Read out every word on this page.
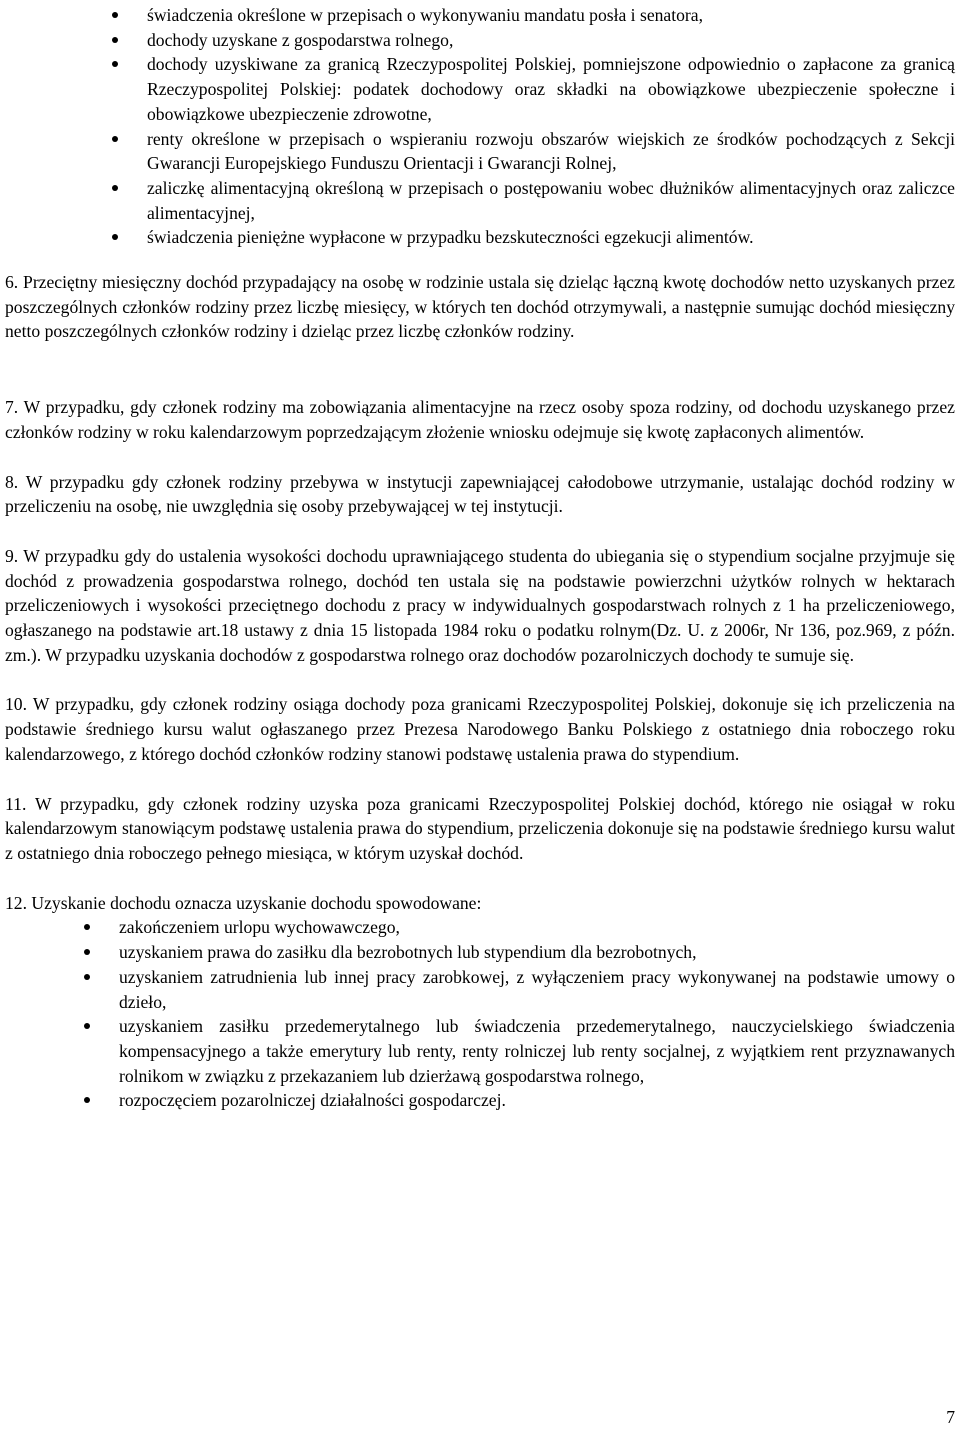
świadczenia określone w przepisach o wykonywaniu mandatu posła i senatora,
dochody uzyskane z gospodarstwa rolnego,
dochody uzyskiwane za granicą Rzeczypospolitej Polskiej, pomniejszone odpowiednio o zapłacone za granicą Rzeczypospolitej Polskiej: podatek dochodowy oraz składki na obowiązkowe ubezpieczenie społeczne i obowiązkowe ubezpieczenie zdrowotne,
renty określone w przepisach o wspieraniu rozwoju obszarów wiejskich ze środków pochodzących z Sekcji Gwarancji Europejskiego Funduszu Orientacji i Gwarancji Rolnej,
zaliczkę alimentacyjną określoną w przepisach o postępowaniu wobec dłużników alimentacyjnych oraz zaliczce alimentacyjnej,
świadczenia pieniężne wypłacone w przypadku bezskuteczności egzekucji alimentów.

6. Przeciętny miesięczny dochód przypadający na osobę w rodzinie ustala się dzieląc łączną kwotę dochodów netto uzyskanych przez poszczególnych członków rodziny przez liczbę miesięcy, w których ten dochód otrzymywali, a następnie sumując dochód miesięczny netto poszczególnych członków rodziny i dzieląc przez liczbę członków rodziny.

7. W przypadku, gdy członek rodziny ma zobowiązania alimentacyjne na rzecz osoby spoza rodziny, od dochodu uzyskanego przez członków rodziny w roku kalendarzowym poprzedzającym złożenie wniosku odejmuje się kwotę zapłaconych alimentów.

8. W przypadku gdy członek rodziny przebywa w instytucji zapewniającej całodobowe utrzymanie, ustalając dochód rodziny w przeliczeniu na osobę, nie uwzględnia się osoby przebywającej w tej instytucji.

9. W przypadku gdy do ustalenia wysokości dochodu uprawniającego studenta do ubiegania się o stypendium socjalne przyjmuje się dochód z prowadzenia gospodarstwa rolnego, dochód ten ustala się na podstawie powierzchni użytków rolnych w hektarach przeliczeniowych i wysokości przeciętnego dochodu z pracy w indywidualnych gospodarstwach rolnych z 1 ha przeliczeniowego, ogłaszanego na podstawie art.18 ustawy z dnia 15 listopada 1984 roku o podatku rolnym(Dz. U. z 2006r, Nr 136, poz.969, z późn. zm.). W przypadku uzyskania dochodów z gospodarstwa rolnego oraz dochodów pozarolniczych dochody te sumuje się.

10. W przypadku, gdy członek rodziny osiąga dochody poza granicami Rzeczypospolitej Polskiej, dokonuje się ich przeliczenia na podstawie średniego kursu walut ogłaszanego przez Prezesa Narodowego Banku Polskiego z ostatniego dnia roboczego roku kalendarzowego, z którego dochód członków rodziny stanowi podstawę ustalenia prawa do stypendium.

11. W przypadku, gdy członek rodziny uzyska poza granicami Rzeczypospolitej Polskiej dochód, którego nie osiągał w roku kalendarzowym stanowiącym podstawę ustalenia prawa do stypendium, przeliczenia dokonuje się na podstawie średniego kursu walut z ostatniego dnia roboczego pełnego miesiąca, w którym uzyskał dochód.

12. Uzyskanie dochodu oznacza uzyskanie dochodu spowodowane:

zakończeniem urlopu wychowawczego,
uzyskaniem prawa do zasiłku dla bezrobotnych lub stypendium dla bezrobotnych,
uzyskaniem zatrudnienia lub innej pracy zarobkowej, z wyłączeniem pracy wykonywanej na podstawie umowy o dzieło,
uzyskaniem zasiłku przedemerytalnego lub świadczenia przedemerytalnego, nauczycielskiego świadczenia kompensacyjnego a także emerytury lub renty, renty rolniczej lub renty socjalnej, z wyjątkiem rent przyznawanych rolnikom w związku z przekazaniem lub dzierżawą gospodarstwa rolnego,
rozpoczęciem pozarolniczej działalności gospodarczej.
7
